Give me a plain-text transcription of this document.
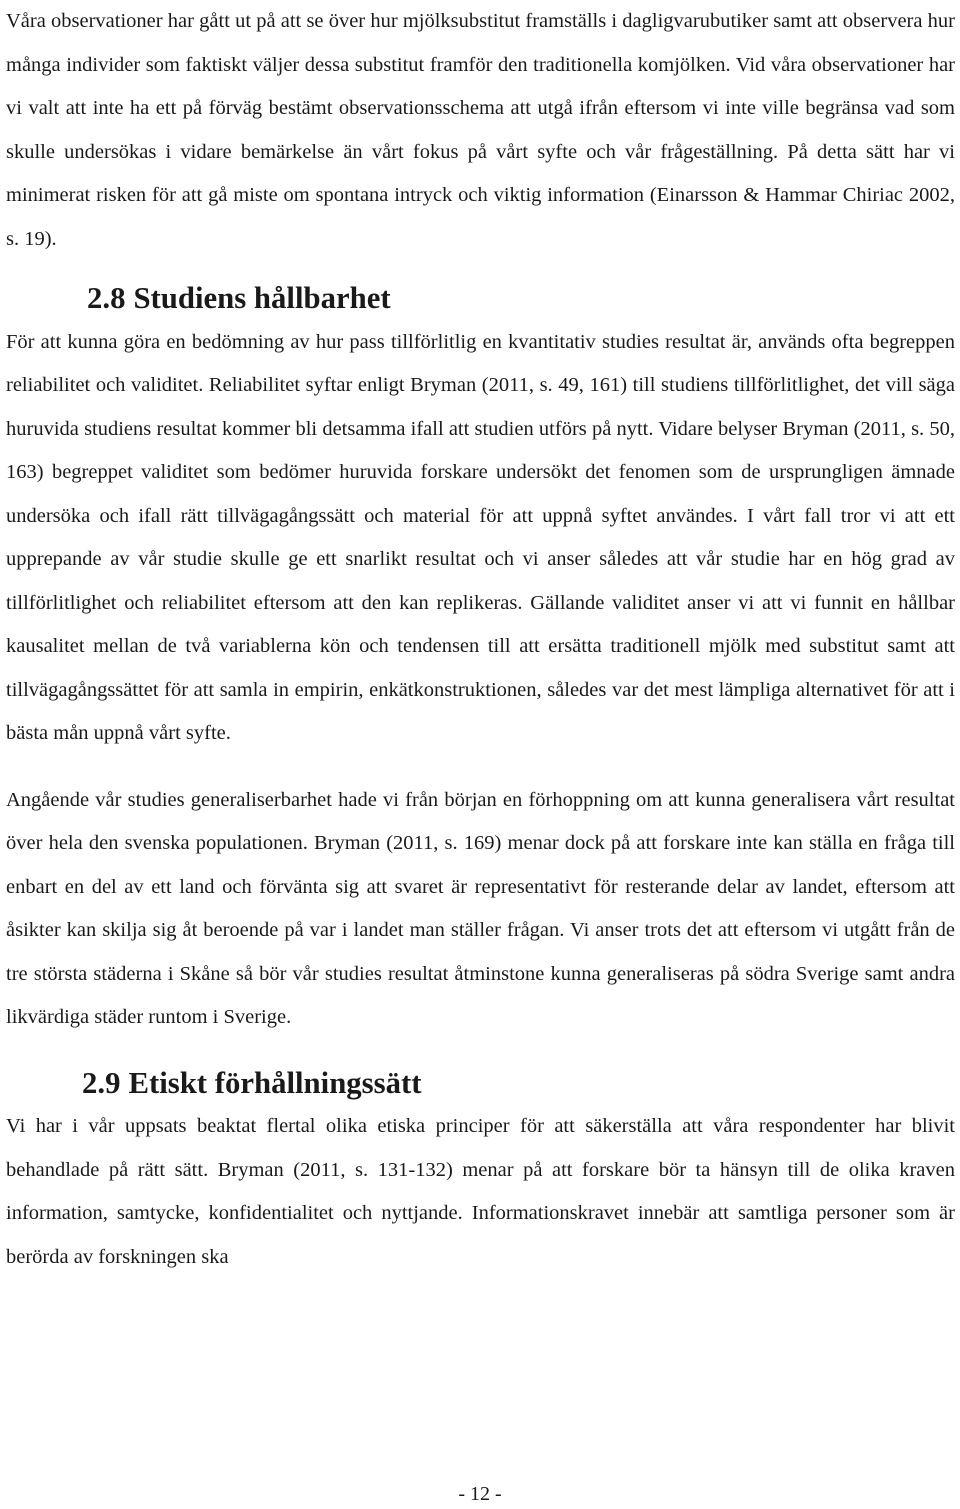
Våra observationer har gått ut på att se över hur mjölksubstitut framställs i dagligvarubutiker samt att observera hur många individer som faktiskt väljer dessa substitut framför den traditionella komjölken. Vid våra observationer har vi valt att inte ha ett på förväg bestämt observationsschema att utgå ifrån eftersom vi inte ville begränsa vad som skulle undersökas i vidare bemärkelse än vårt fokus på vårt syfte och vår frågeställning. På detta sätt har vi minimerat risken för att gå miste om spontana intryck och viktig information (Einarsson & Hammar Chiriac 2002, s. 19).

2.8 Studiens hållbarhet

För att kunna göra en bedömning av hur pass tillförlitlig en kvantitativ studies resultat är, används ofta begreppen reliabilitet och validitet. Reliabilitet syftar enligt Bryman (2011, s. 49, 161) till studiens tillförlitlighet, det vill säga huruvida studiens resultat kommer bli detsamma ifall att studien utförs på nytt. Vidare belyser Bryman (2011, s. 50, 163) begreppet validitet som bedömer huruvida forskare undersökt det fenomen som de ursprungligen ämnade undersöka och ifall rätt tillvägagångssätt och material för att uppnå syftet användes. I vårt fall tror vi att ett upprepande av vår studie skulle ge ett snarlikt resultat och vi anser således att vår studie har en hög grad av tillförlitlighet och reliabilitet eftersom att den kan replikeras. Gällande validitet anser vi att vi funnit en hållbar kausalitet mellan de två variablerna kön och tendensen till att ersätta traditionell mjölk med substitut samt att tillvägagångssättet för att samla in empirin, enkätkonstruktionen, således var det mest lämpliga alternativet för att i bästa mån uppnå vårt syfte.

Angående vår studies generaliserbarhet hade vi från början en förhoppning om att kunna generalisera vårt resultat över hela den svenska populationen. Bryman (2011, s. 169) menar dock på att forskare inte kan ställa en fråga till enbart en del av ett land och förvänta sig att svaret är representativt för resterande delar av landet, eftersom att åsikter kan skilja sig åt beroende på var i landet man ställer frågan. Vi anser trots det att eftersom vi utgått från de tre största städerna i Skåne så bör vår studies resultat åtminstone kunna generaliseras på södra Sverige samt andra likvärdiga städer runtom i Sverige.

2.9 Etiskt förhållningssätt

Vi har i vår uppsats beaktat flertal olika etiska principer för att säkerställa att våra respondenter har blivit behandlade på rätt sätt. Bryman (2011, s. 131-132) menar på att forskare bör ta hänsyn till de olika kraven information, samtycke, konfidentialitet och nyttjande. Informationskravet innebär att samtliga personer som är berörda av forskningen ska

- 12 -
